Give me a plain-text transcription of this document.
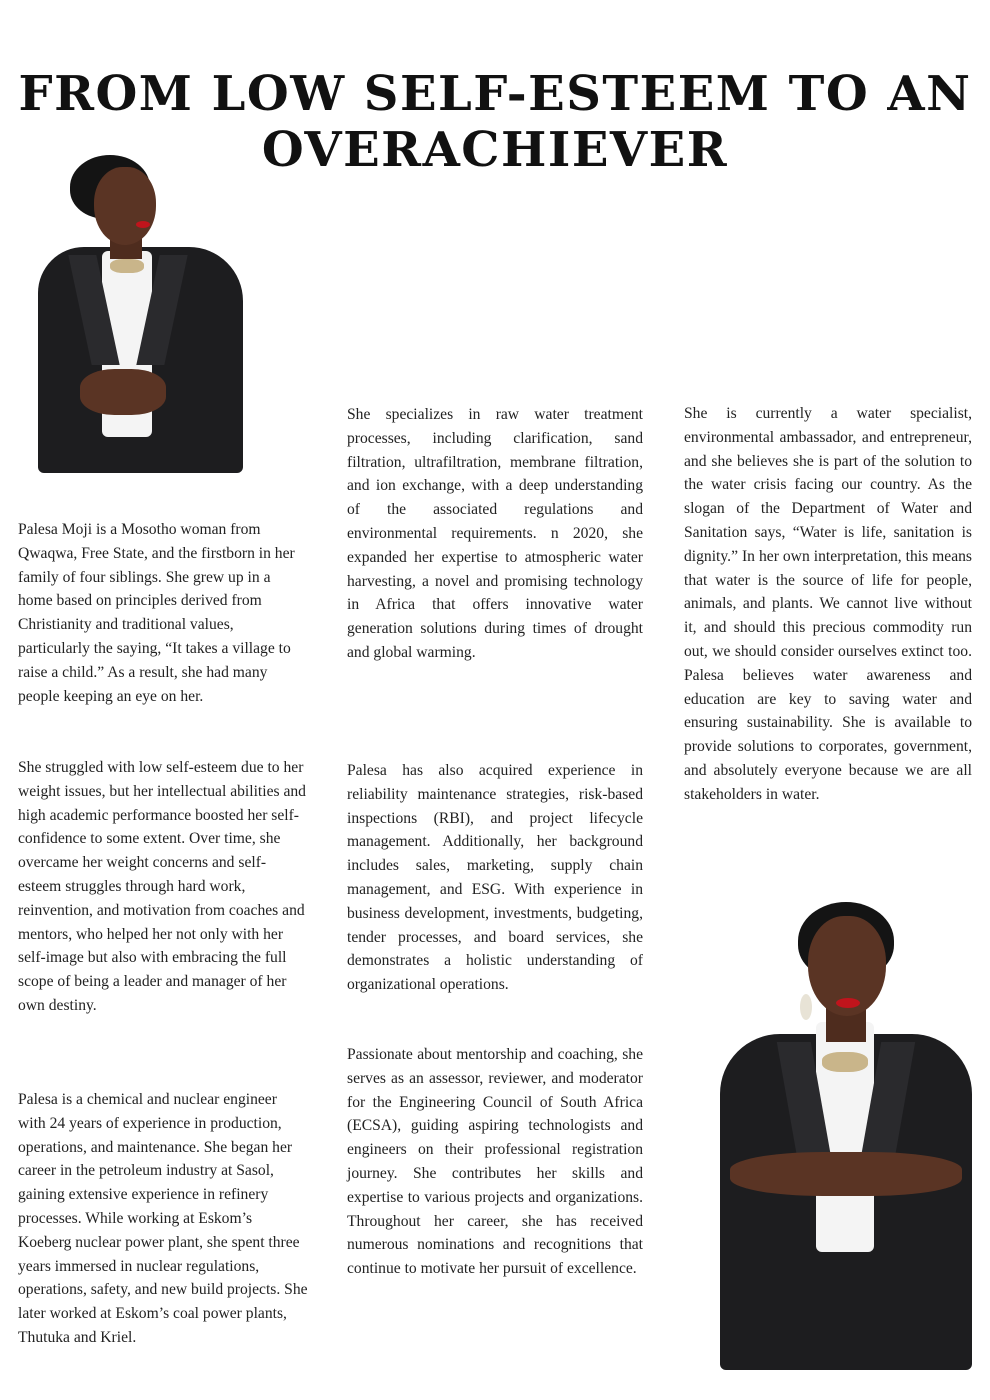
FROM LOW SELF-ESTEEM TO AN OVERACHIEVER

Palesa Moji is a Mosotho woman from Qwaqwa, Free State, and the firstborn in her family of four siblings. She grew up in a home based on principles derived from Christianity and traditional values, particularly the saying, “It takes a village to raise a child.” As a result, she had many people keeping an eye on her.

She struggled with low self-esteem due to her weight issues, but her intellectual abilities and high academic performance boosted her self-confidence to some extent. Over time, she overcame her weight concerns and self-esteem struggles through hard work, reinvention, and motivation from coaches and mentors, who helped her not only with her self-image but also with embracing the full scope of being a leader and manager of her own destiny.

Palesa is a chemical and nuclear engineer with 24 years of experience in production, operations, and maintenance. She began her career in the petroleum industry at Sasol, gaining extensive experience in refinery processes. While working at Eskom’s Koeberg nuclear power plant, she spent three years immersed in nuclear regulations, operations, safety, and new build projects. She later worked at Eskom’s coal power plants, Thutuka and Kriel.

She specializes in raw water treatment processes, including clarification, sand filtration, ultrafiltration, membrane filtration, and ion exchange, with a deep understanding of the associated regulations and environmental requirements. n 2020, she expanded her expertise to atmospheric water harvesting, a novel and promising technology in Africa that offers innovative water generation solutions during times of drought and global warming.

Palesa has also acquired experience in reliability maintenance strategies, risk-based inspections (RBI), and project lifecycle management. Additionally, her background includes sales, marketing, supply chain management, and ESG. With experience in business development, investments, budgeting, tender processes, and board services, she demonstrates a holistic understanding of organizational operations.

Passionate about mentorship and coaching, she serves as an assessor, reviewer, and moderator for the Engineering Council of South Africa (ECSA), guiding aspiring technologists and engineers on their professional registration journey. She contributes her skills and expertise to various projects and organizations. Throughout her career, she has received numerous nominations and recognitions that continue to motivate her pursuit of excellence.

She is currently a water specialist, environmental ambassador, and entrepreneur, and she believes she is part of the solution to the water crisis facing our country. As the slogan of the Department of Water and Sanitation says, “Water is life, sanitation is dignity.” In her own interpretation, this means that water is the source of life for people, animals, and plants. We cannot live without it, and should this precious commodity run out, we should consider ourselves extinct too. Palesa believes water awareness and education are key to saving water and ensuring sustainability. She is available to provide solutions to corporates, government, and absolutely everyone because we are all stakeholders in water.
